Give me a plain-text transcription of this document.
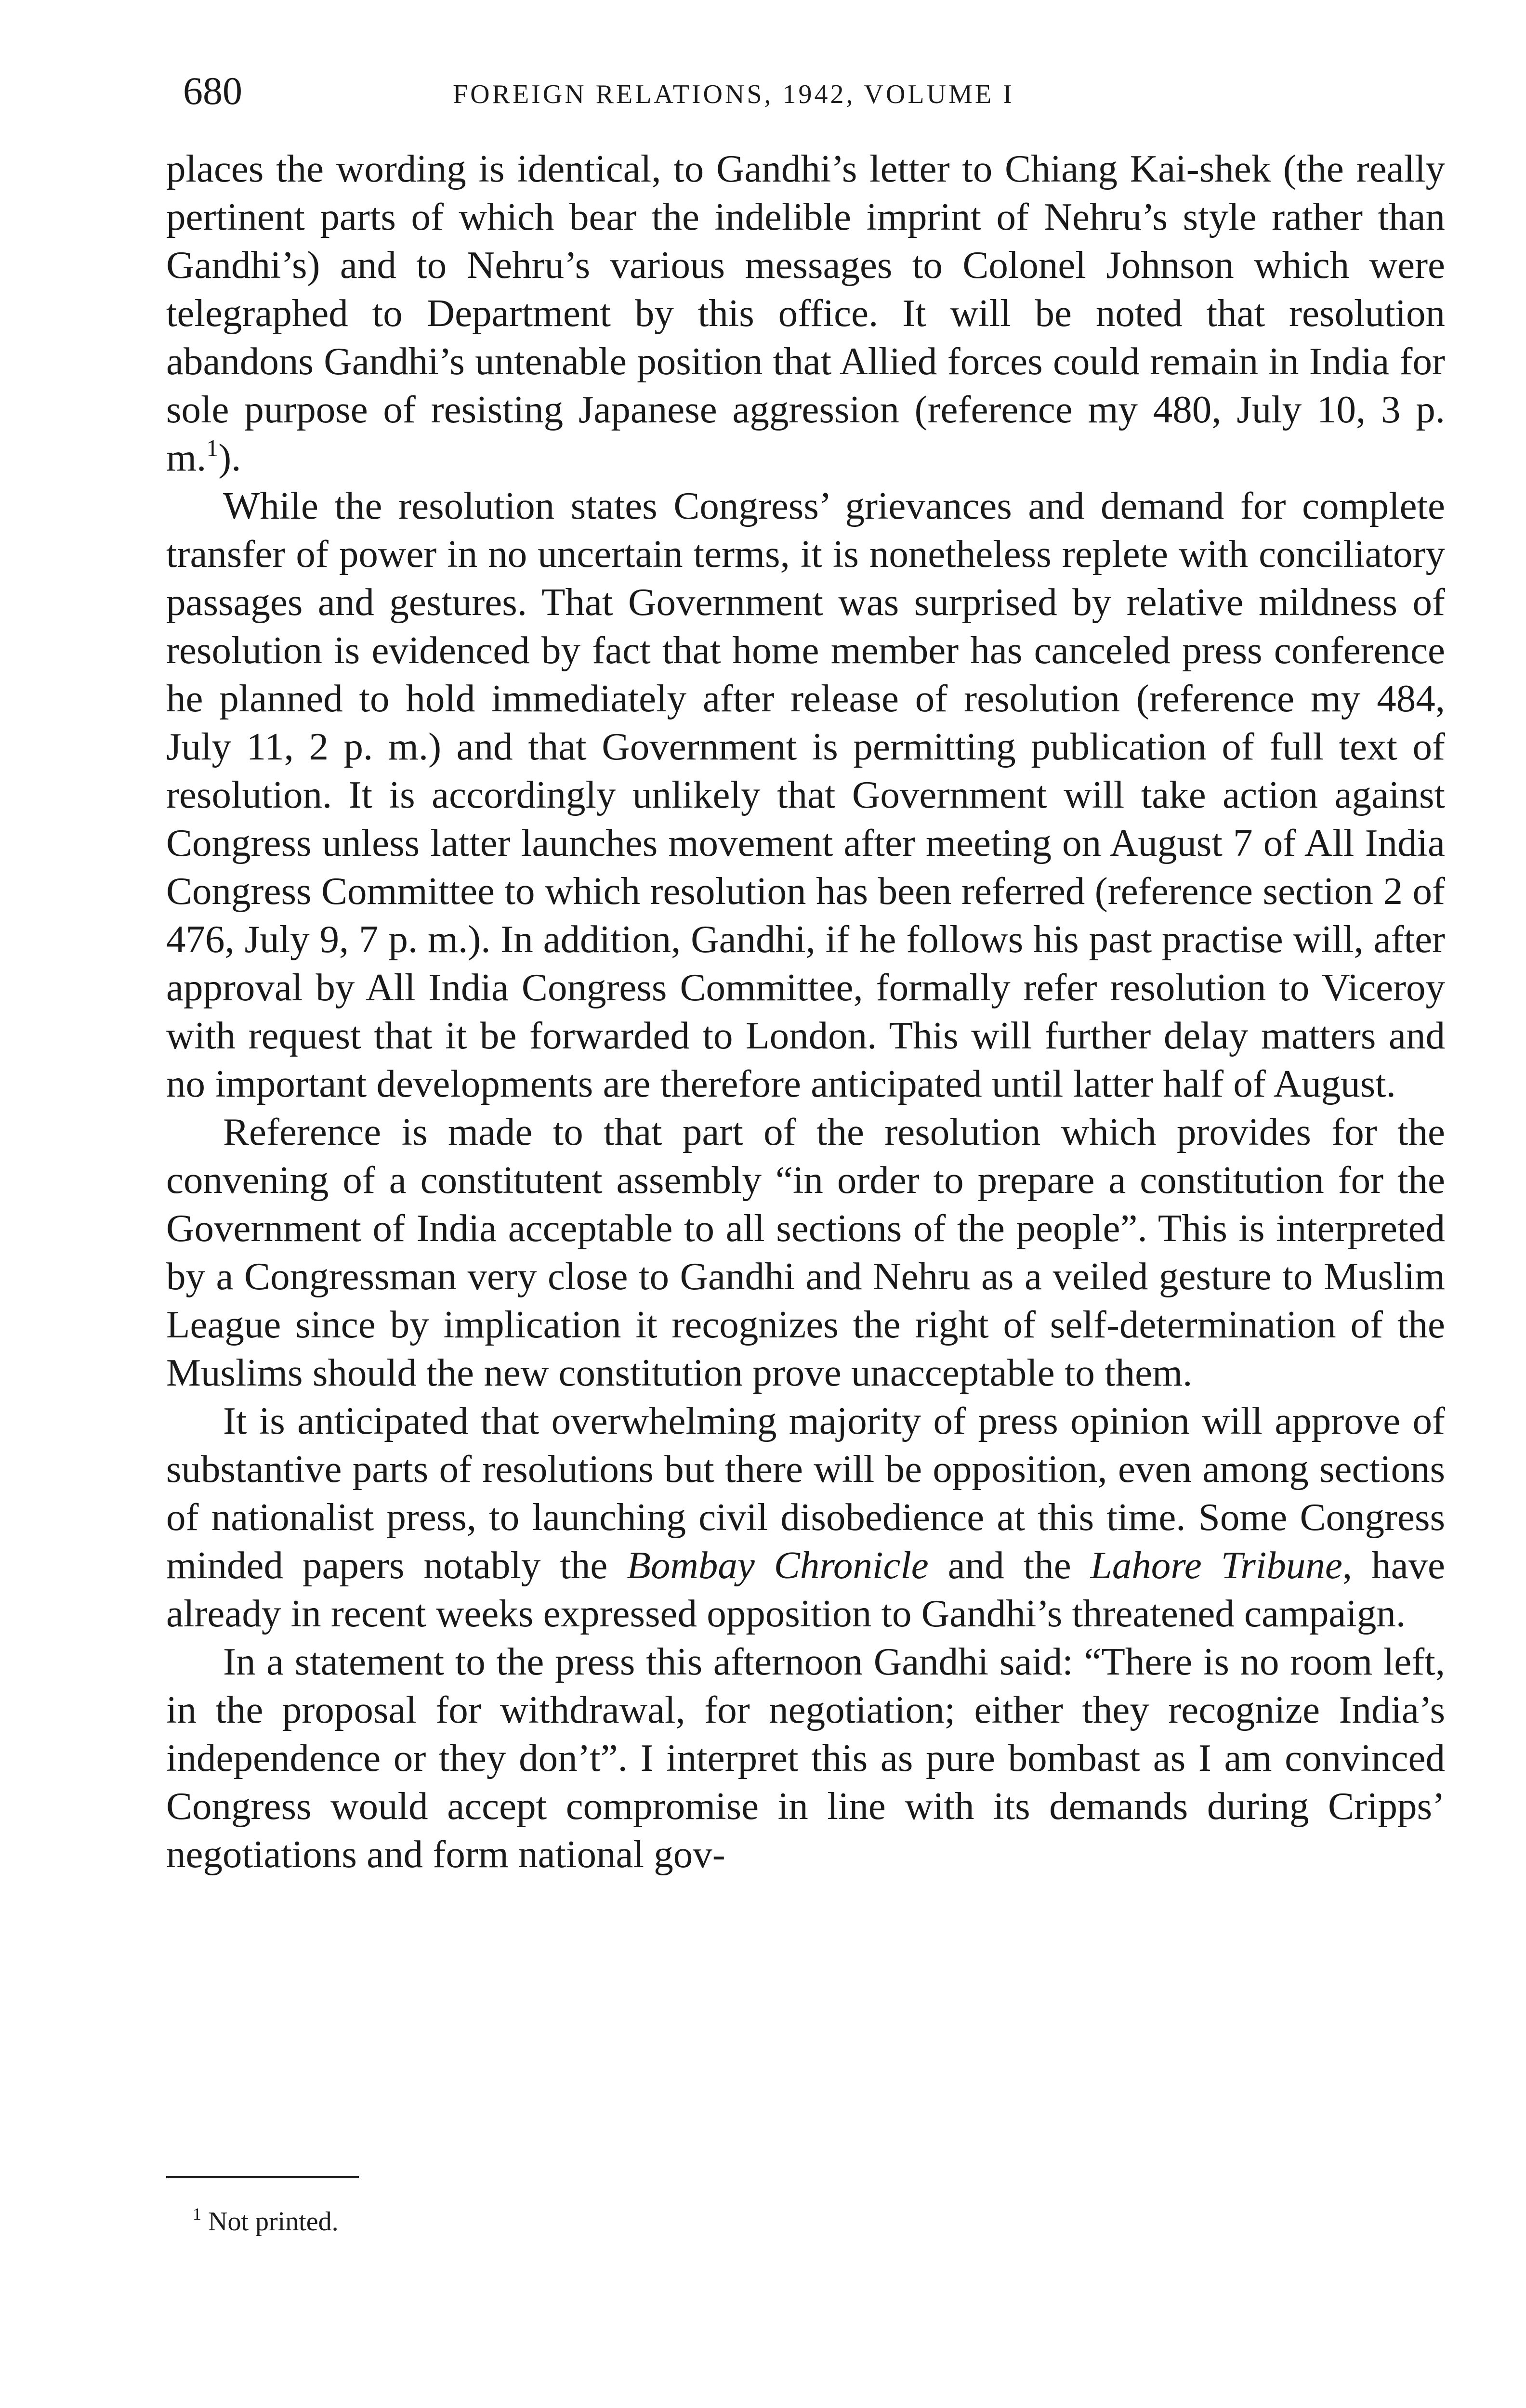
680	FOREIGN RELATIONS, 1942, VOLUME I

places the wording is identical, to Gandhi’s letter to Chiang Kai-shek (the really pertinent parts of which bear the indelible imprint of Nehru’s style rather than Gandhi’s) and to Nehru’s various messages to Colonel Johnson which were telegraphed to Department by this office. It will be noted that resolution abandons Gandhi’s untenable position that Allied forces could remain in India for sole purpose of resisting Japanese aggression (reference my 480, July 10, 3 p. m.$^1$).

While the resolution states Congress’ grievances and demand for complete transfer of power in no uncertain terms, it is nonetheless replete with conciliatory passages and gestures. That Government was surprised by relative mildness of resolution is evidenced by fact that home member has canceled press conference he planned to hold immediately after release of resolution (reference my 484, July 11, 2 p. m.) and that Government is permitting publication of full text of resolution. It is accordingly unlikely that Government will take action against Congress unless latter launches movement after meeting on August 7 of All India Congress Committee to which resolution has been referred (reference section 2 of 476, July 9, 7 p. m.). In addition, Gandhi, if he follows his past practise will, after approval by All India Congress Committee, formally refer resolution to Viceroy with request that it be forwarded to London. This will further delay matters and no important developments are therefore anticipated until latter half of August.

Reference is made to that part of the resolution which provides for the convening of a constitutent assembly “in order to prepare a constitution for the Government of India acceptable to all sections of the people”. This is interpreted by a Congressman very close to Gandhi and Nehru as a veiled gesture to Muslim League since by implication it recognizes the right of self-determination of the Muslims should the new constitution prove unacceptable to them.

It is anticipated that overwhelming majority of press opinion will approve of substantive parts of resolutions but there will be opposition, even among sections of nationalist press, to launching civil disobedience at this time. Some Congress minded papers notably the Bombay Chronicle and the Lahore Tribune, have already in recent weeks expressed opposition to Gandhi’s threatened campaign.

In a statement to the press this afternoon Gandhi said: “There is no room left, in the proposal for withdrawal, for negotiation; either they recognize India’s independence or they don’t”. I interpret this as pure bombast as I am convinced Congress would accept compromise in line with its demands during Cripps’ negotiations and form national gov-

$^1$ Not printed.
